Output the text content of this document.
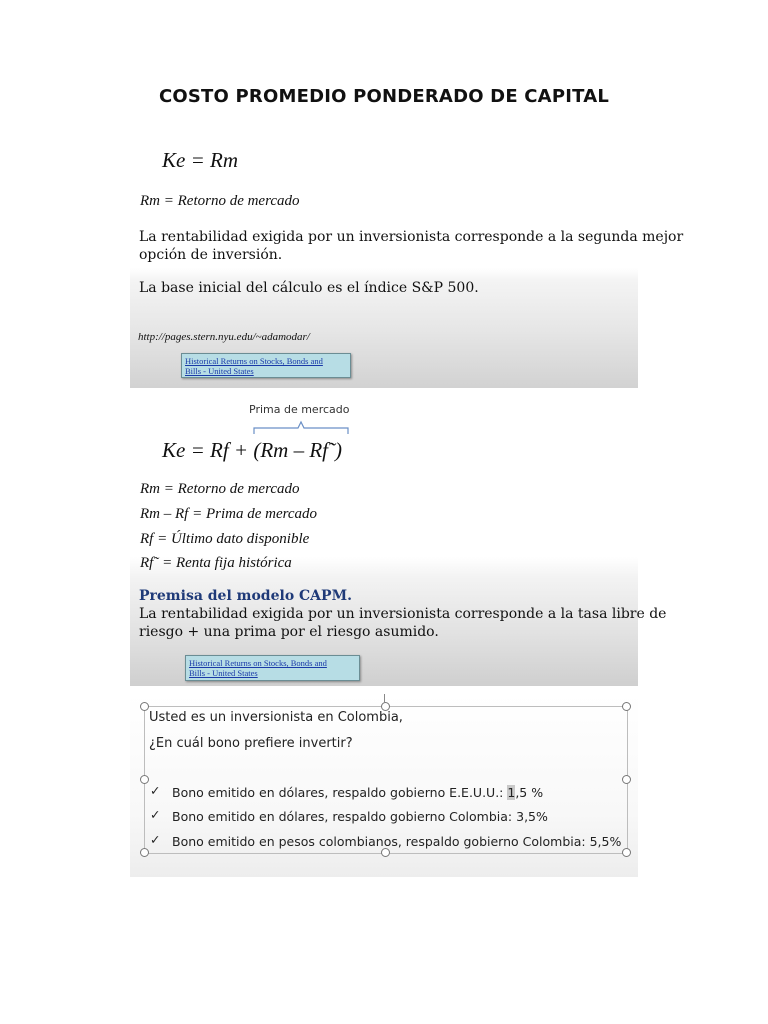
COSTO PROMEDIO PONDERADO DE CAPITAL
Ke = Rm
Rm = Retorno de mercado
La rentabilidad exigida por un inversionista corresponde a la segunda mejor
opción de inversión.
La base inicial del cálculo es el índice S&P 500.
http://pages.stern.nyu.edu/~adamodar/
Historical Returns on Stocks, Bonds and
Bills - United States
Prima de mercado
Ke = Rf + (Rm – Rf˜)
Rm = Retorno de mercado
Rm – Rf = Prima de mercado
Rf = Último dato disponible
Rf˜ = Renta fija histórica
Premisa del modelo CAPM.
La rentabilidad exigida por un inversionista corresponde a la tasa libre de
riesgo + una prima por el riesgo asumido.
Historical Returns on Stocks, Bonds and
Bills - United States
Usted es un inversionista en Colombia,
¿En cuál bono prefiere invertir?
✓ Bono emitido en dólares, respaldo gobierno E.E.U.U.: 1,5 %
✓ Bono emitido en dólares, respaldo gobierno Colombia: 3,5%
✓ Bono emitido en pesos colombianos, respaldo gobierno Colombia: 5,5%
